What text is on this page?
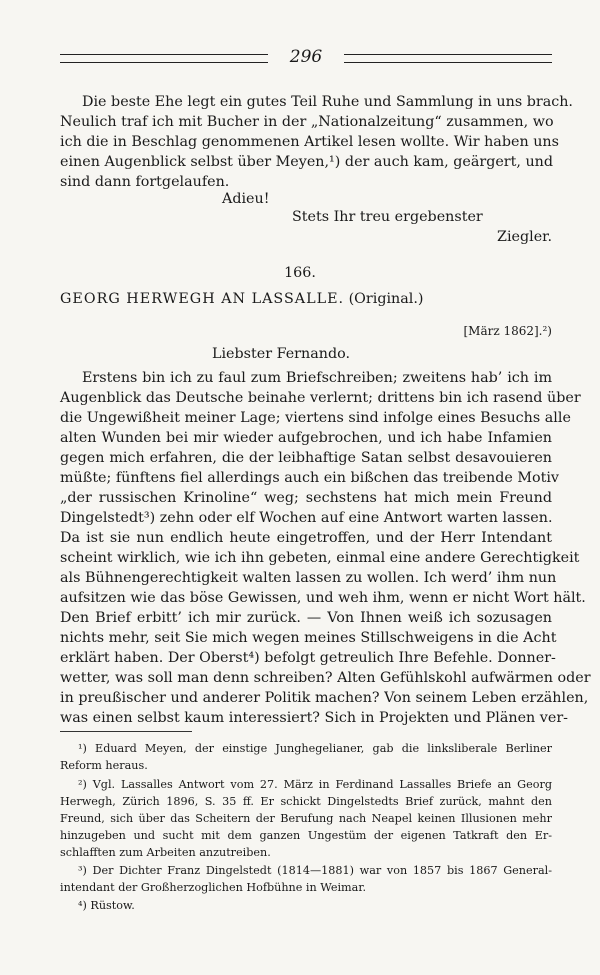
296
Die beste Ehe legt ein gutes Teil Ruhe und Sammlung in uns brach.
Neulich traf ich mit Bucher in der „Nationalzeitung“ zusammen, wo
ich die in Beschlag genommenen Artikel lesen wollte. Wir haben uns
einen Augenblick selbst über Meyen,¹) der auch kam, geärgert, und
sind dann fortgelaufen.
Adieu!
Stets Ihr treu ergebenster
Ziegler.
166.
GEORG HERWEGH AN LASSALLE. (Original.)
[März 1862].²)
Liebster Fernando.
Erstens bin ich zu faul zum Briefschreiben; zweitens hab’ ich im
Augenblick das Deutsche beinahe verlernt; drittens bin ich rasend über
die Ungewißheit meiner Lage; viertens sind infolge eines Besuchs alle
alten Wunden bei mir wieder aufgebrochen, und ich habe Infamien
gegen mich erfahren, die der leibhaftige Satan selbst desavouieren
müßte; fünftens fiel allerdings auch ein bißchen das treibende Motiv
„der russischen Krinoline“ weg; sechstens hat mich mein Freund
Dingelstedt³) zehn oder elf Wochen auf eine Antwort warten lassen.
Da ist sie nun endlich heute eingetroffen, und der Herr Intendant
scheint wirklich, wie ich ihn gebeten, einmal eine andere Gerechtigkeit
als Bühnengerechtigkeit walten lassen zu wollen. Ich werd’ ihm nun
aufsitzen wie das böse Gewissen, und weh ihm, wenn er nicht Wort hält.
Den Brief erbitt’ ich mir zurück. — Von Ihnen weiß ich sozusagen
nichts mehr, seit Sie mich wegen meines Stillschweigens in die Acht
erklärt haben. Der Oberst⁴) befolgt getreulich Ihre Befehle. Donner-
wetter, was soll man denn schreiben? Alten Gefühlskohl aufwärmen oder
in preußischer und anderer Politik machen? Von seinem Leben erzählen,
was einen selbst kaum interessiert? Sich in Projekten und Plänen ver-
¹) Eduard Meyen, der einstige Junghegelianer, gab die linksliberale Berliner
Reform heraus.
²) Vgl. Lassalles Antwort vom 27. März in Ferdinand Lassalles Briefe an Georg
Herwegh, Zürich 1896, S. 35 ff. Er schickt Dingelstedts Brief zurück, mahnt den
Freund, sich über das Scheitern der Berufung nach Neapel keinen Illusionen mehr
hinzugeben und sucht mit dem ganzen Ungestüm der eigenen Tatkraft den Er-
schlafften zum Arbeiten anzutreiben.
³) Der Dichter Franz Dingelstedt (1814—1881) war von 1857 bis 1867 General-
intendant der Großherzoglichen Hofbühne in Weimar.
⁴) Rüstow.
